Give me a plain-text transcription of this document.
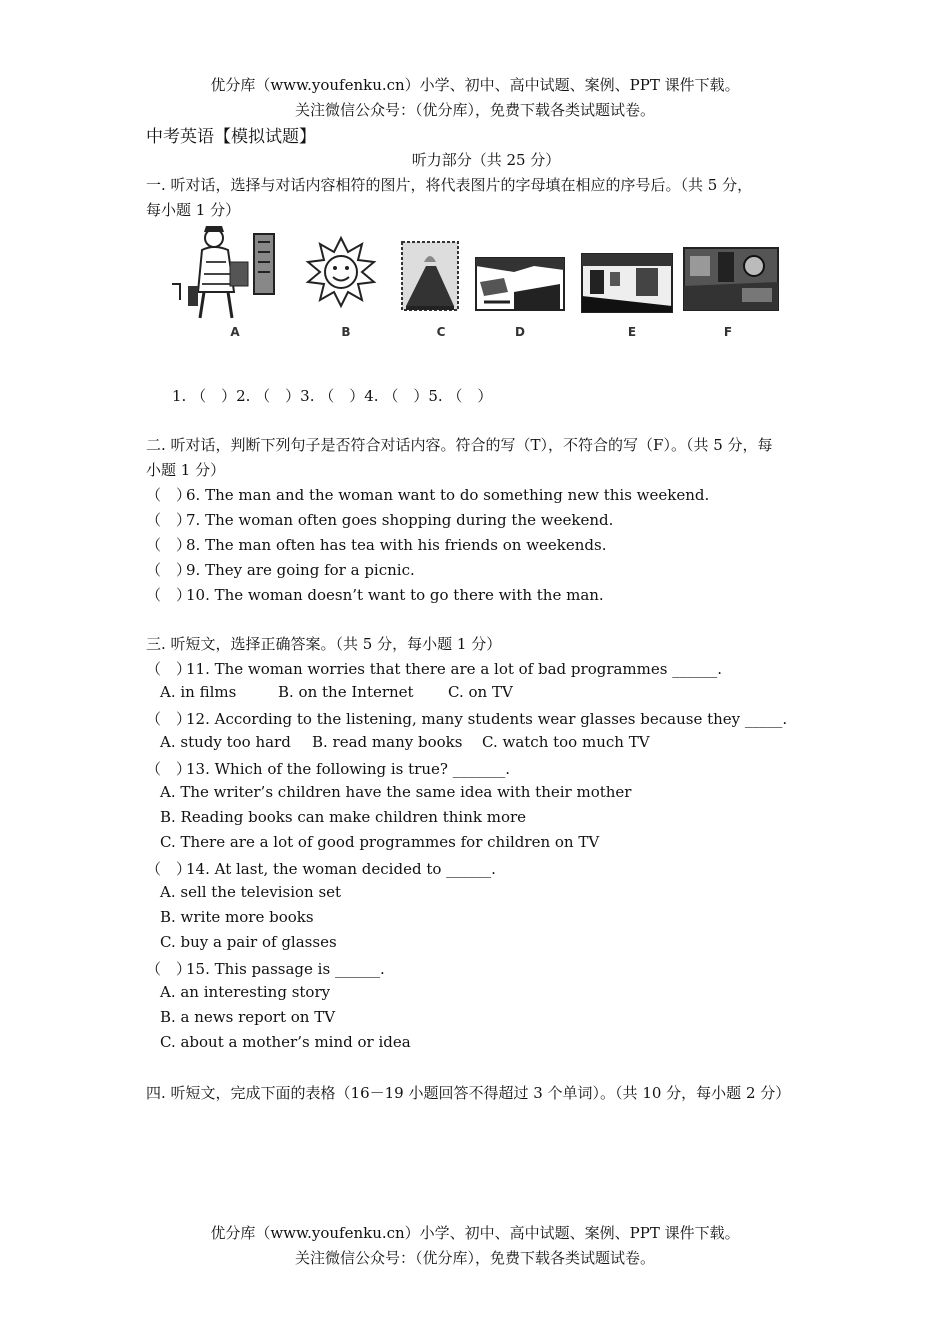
优分库（www.youfenku.cn）小学、初中、高中试题、案例、PPT 课件下载。
关注微信公众号：（优分库），免费下载各类试题试卷。
中考英语【模拟试题】
听力部分（共 25 分）
一. 听对话，选择与对话内容相符的图片，将代表图片的字母填在相应的序号后。（共 5 分，
每小题 1 分）
A	B	C	D	E	F
1. （　）2. （　）3. （　）4. （　）5. （　）
二. 听对话，判断下列句子是否符合对话内容。符合的写（T），不符合的写（F）。（共 5 分，每
小题 1 分）
（　）6. The man and the woman want to do something new this weekend.
（　）7. The woman often goes shopping during the weekend.
（　）8. The man often has tea with his friends on weekends.
（　）9. They are going for a picnic.
（　）10. The woman doesn’t want to go there with the man.
三. 听短文，选择正确答案。（共 5 分，每小题 1 分）
（　）11. The woman worries that there are a lot of bad programmes ______.
A. in films	B. on the Internet C. on TV
（　）12. According to the listening, many students wear glasses because they _____.
A. study too hard B. read many books C. watch too much TV
（　）13. Which of the following is true? _______.
A. The writer’s children have the same idea with their mother
B. Reading books can make children think more
C. There are a lot of good programmes for children on TV
（　）14. At last, the woman decided to ______.
A. sell the television set
B. write more books
C. buy a pair of glasses
（　）15. This passage is ______.
A. an interesting story
B. a news report on TV
C. about a mother’s mind or idea
四. 听短文，完成下面的表格（16－19 小题回答不得超过 3 个单词）。（共 10 分，每小题 2 分）
优分库（www.youfenku.cn）小学、初中、高中试题、案例、PPT 课件下载。
关注微信公众号：（优分库），免费下载各类试题试卷。
